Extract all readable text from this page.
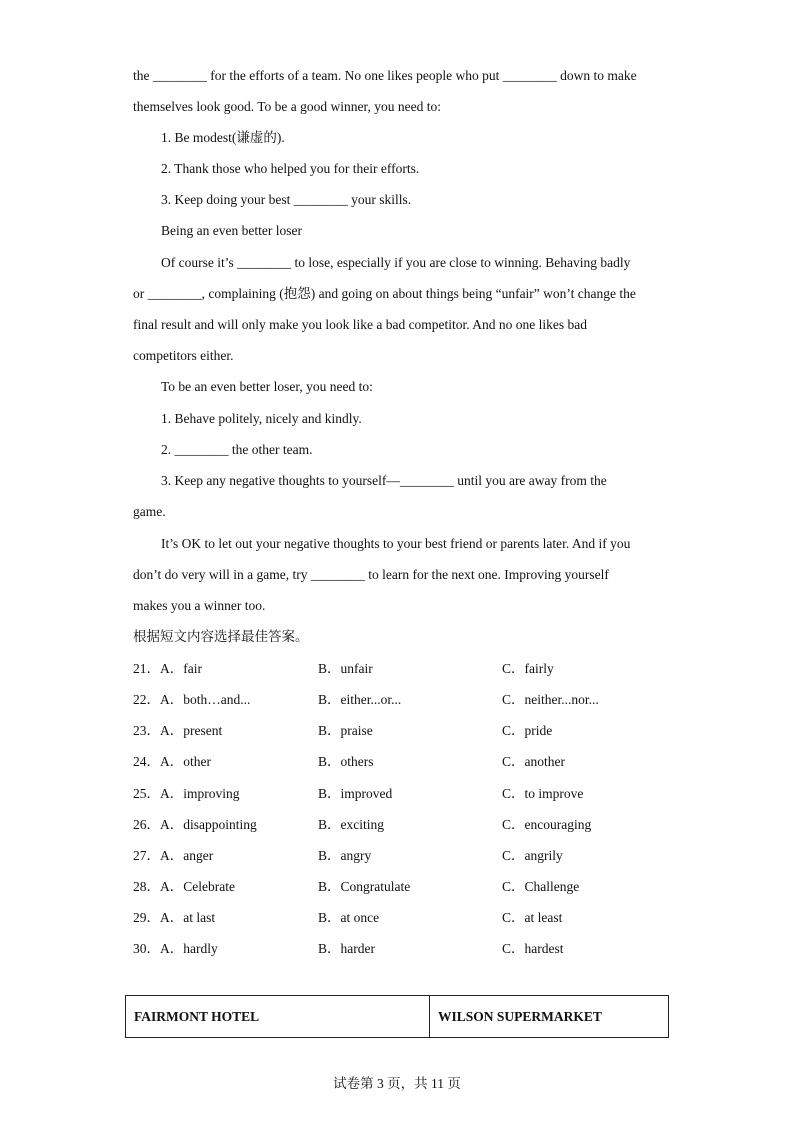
the ________ for the efforts of a team. No one likes people who put ________ down to make
themselves look good. To be a good winner, you need to:
1. Be modest(谦虚的).
2. Thank those who helped you for their efforts.
3. Keep doing your best ________ your skills.
Being an even better loser
Of course it’s ________ to lose, especially if you are close to winning. Behaving badly
or ________, complaining (抱怨) and going on about things being “unfair” won’t change the
final result and will only make you look like a bad competitor. And no one likes bad
competitors either.
To be an even better loser, you need to:
1. Behave politely, nicely and kindly.
2. ________ the other team.
3. Keep any negative thoughts to yourself—________ until you are away from the
game.
It’s OK to let out your negative thoughts to your best friend or parents later. And if you
don’t do very will in a game, try ________ to learn for the next one. Improving yourself
makes you a winner too.
根据短文内容选择最佳答案。
21． A．fair	B．unfair	C．fairly
22． A．both…and...	B．either...or...	C．neither...nor...
23． A．present	B．praise	C．pride
24． A．other	B．others	C．another
25． A．improving	B．improved	C．to improve
26． A．disappointing	B．exciting	C．encouraging
27． A．anger	B．angry	C．angrily
28． A．Celebrate	B．Congratulate	C．Challenge
29． A．at last	B．at once	C．at least
30． A．hardly	B．harder	C．hardest
FAIRMONT HOTEL	WILSON SUPERMARKET
试卷第 3 页，共 11 页
